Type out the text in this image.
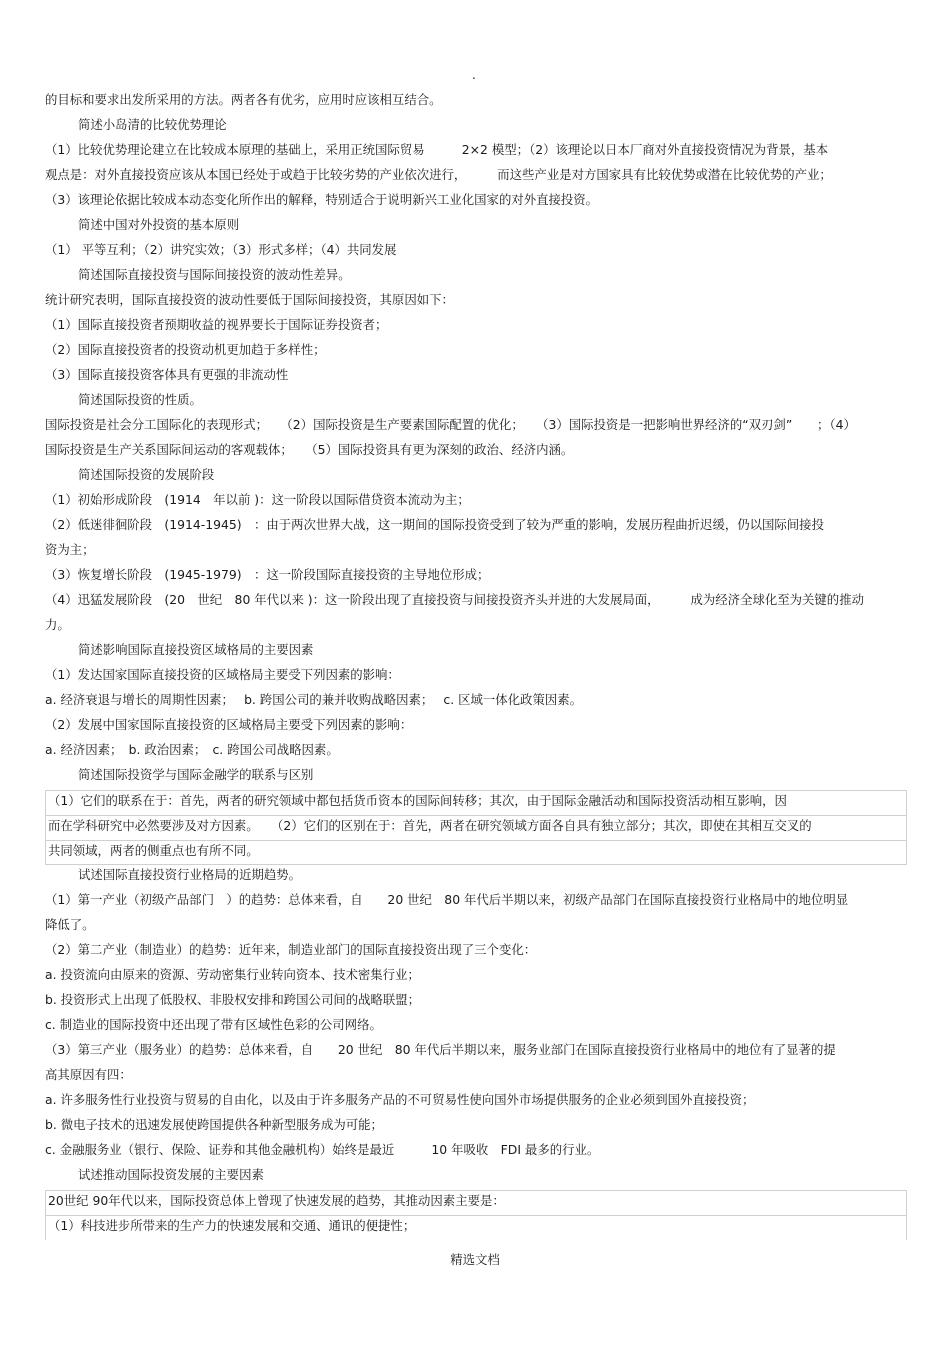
.
的目标和要求出发所采用的方法。两者各有优劣，应用时应该相互结合。
简述小岛清的比较优势理论
（1）比较优势理论建立在比较成本原理的基础上，采用正统国际贸易　　　2×2 模型；（2）该理论以日本厂商对外直接投资情况为背景，基本
观点是：对外直接投资应该从本国已经处于或趋于比较劣势的产业依次进行，　　　而这些产业是对方国家具有比较优势或潜在比较优势的产业；
（3）该理论依据比较成本动态变化所作出的解释，特别适合于说明新兴工业化国家的对外直接投资。
简述中国对外投资的基本原则
（1） 平等互利；（2）讲究实效；（3）形式多样；（4）共同发展
简述国际直接投资与国际间接投资的波动性差异。
统计研究表明，国际直接投资的波动性要低于国际间接投资，其原因如下：
（1）国际直接投资者预期收益的视界要长于国际证券投资者；
（2）国际直接投资者的投资动机更加趋于多样性；
（3）国际直接投资客体具有更强的非流动性
简述国际投资的性质。
国际投资是社会分工国际化的表现形式；　　（2）国际投资是生产要素国际配置的优化；　　（3）国际投资是一把影响世界经济的“双刃剑”　　；（4）
国际投资是生产关系国际间运动的客观载体；　　（5）国际投资具有更为深刻的政治、经济内涵。
简述国际投资的发展阶段
（1）初始形成阶段　(1914　年以前 )：这一阶段以国际借贷资本流动为主；
（2）低迷徘徊阶段　(1914-1945)　：由于两次世界大战，这一期间的国际投资受到了较为严重的影响，发展历程曲折迟缓，仍以国际间接投
资为主；
（3）恢复增长阶段　(1945-1979)　：这一阶段国际直接投资的主导地位形成；
（4）迅猛发展阶段　(20　世纪　80 年代以来 )：这一阶段出现了直接投资与间接投资齐头并进的大发展局面，　　　成为经济全球化至为关键的推动
力。
简述影响国际直接投资区域格局的主要因素
（1）发达国家国际直接投资的区域格局主要受下列因素的影响：
a. 经济衰退与增长的周期性因素；　 b. 跨国公司的兼并收购战略因素；　 c. 区域一体化政策因素。
（2）发展中国家国际直接投资的区域格局主要受下列因素的影响：
a. 经济因素；　b. 政治因素；　c. 跨国公司战略因素。
简述国际投资学与国际金融学的联系与区别
（1）它们的联系在于：首先，两者的研究领域中都包括货币资本的国际间转移；其次，由于国际金融活动和国际投资活动相互影响，因
而在学科研究中必然要涉及对方因素。　　（2）它们的区别在于：首先，两者在研究领域方面各自具有独立部分；其次，即使在其相互交叉的
共同领域，两者的侧重点也有所不同。
试述国际直接投资行业格局的近期趋势。
（1）第一产业（初级产品部门　）的趋势：总体来看，自　　20 世纪　80 年代后半期以来，初级产品部门在国际直接投资行业格局中的地位明显
降低了。
（2）第二产业（制造业）的趋势：近年来，制造业部门的国际直接投资出现了三个变化：
a. 投资流向由原来的资源、劳动密集行业转向资本、技术密集行业；
b. 投资形式上出现了低股权、非股权安排和跨国公司间的战略联盟；
c. 制造业的国际投资中还出现了带有区域性色彩的公司网络。
（3）第三产业（服务业）的趋势：总体来看，自　　20 世纪　80 年代后半期以来，服务业部门在国际直接投资行业格局中的地位有了显著的提
高其原因有四：
a. 许多服务性行业投资与贸易的自由化，以及由于许多服务产品的不可贸易性使向国外市场提供服务的企业必须到国外直接投资；
b. 微电子技术的迅速发展使跨国提供各种新型服务成为可能；
c. 金融服务业（银行、保险、证券和其他金融机构）始终是最近　　　10 年吸收　FDI 最多的行业。
试述推动国际投资发展的主要因素
20世纪 90年代以来，国际投资总体上曾现了快速发展的趋势，其推动因素主要是：
（1）科技进步所带来的生产力的快速发展和交通、通讯的便捷性；
精选文档
